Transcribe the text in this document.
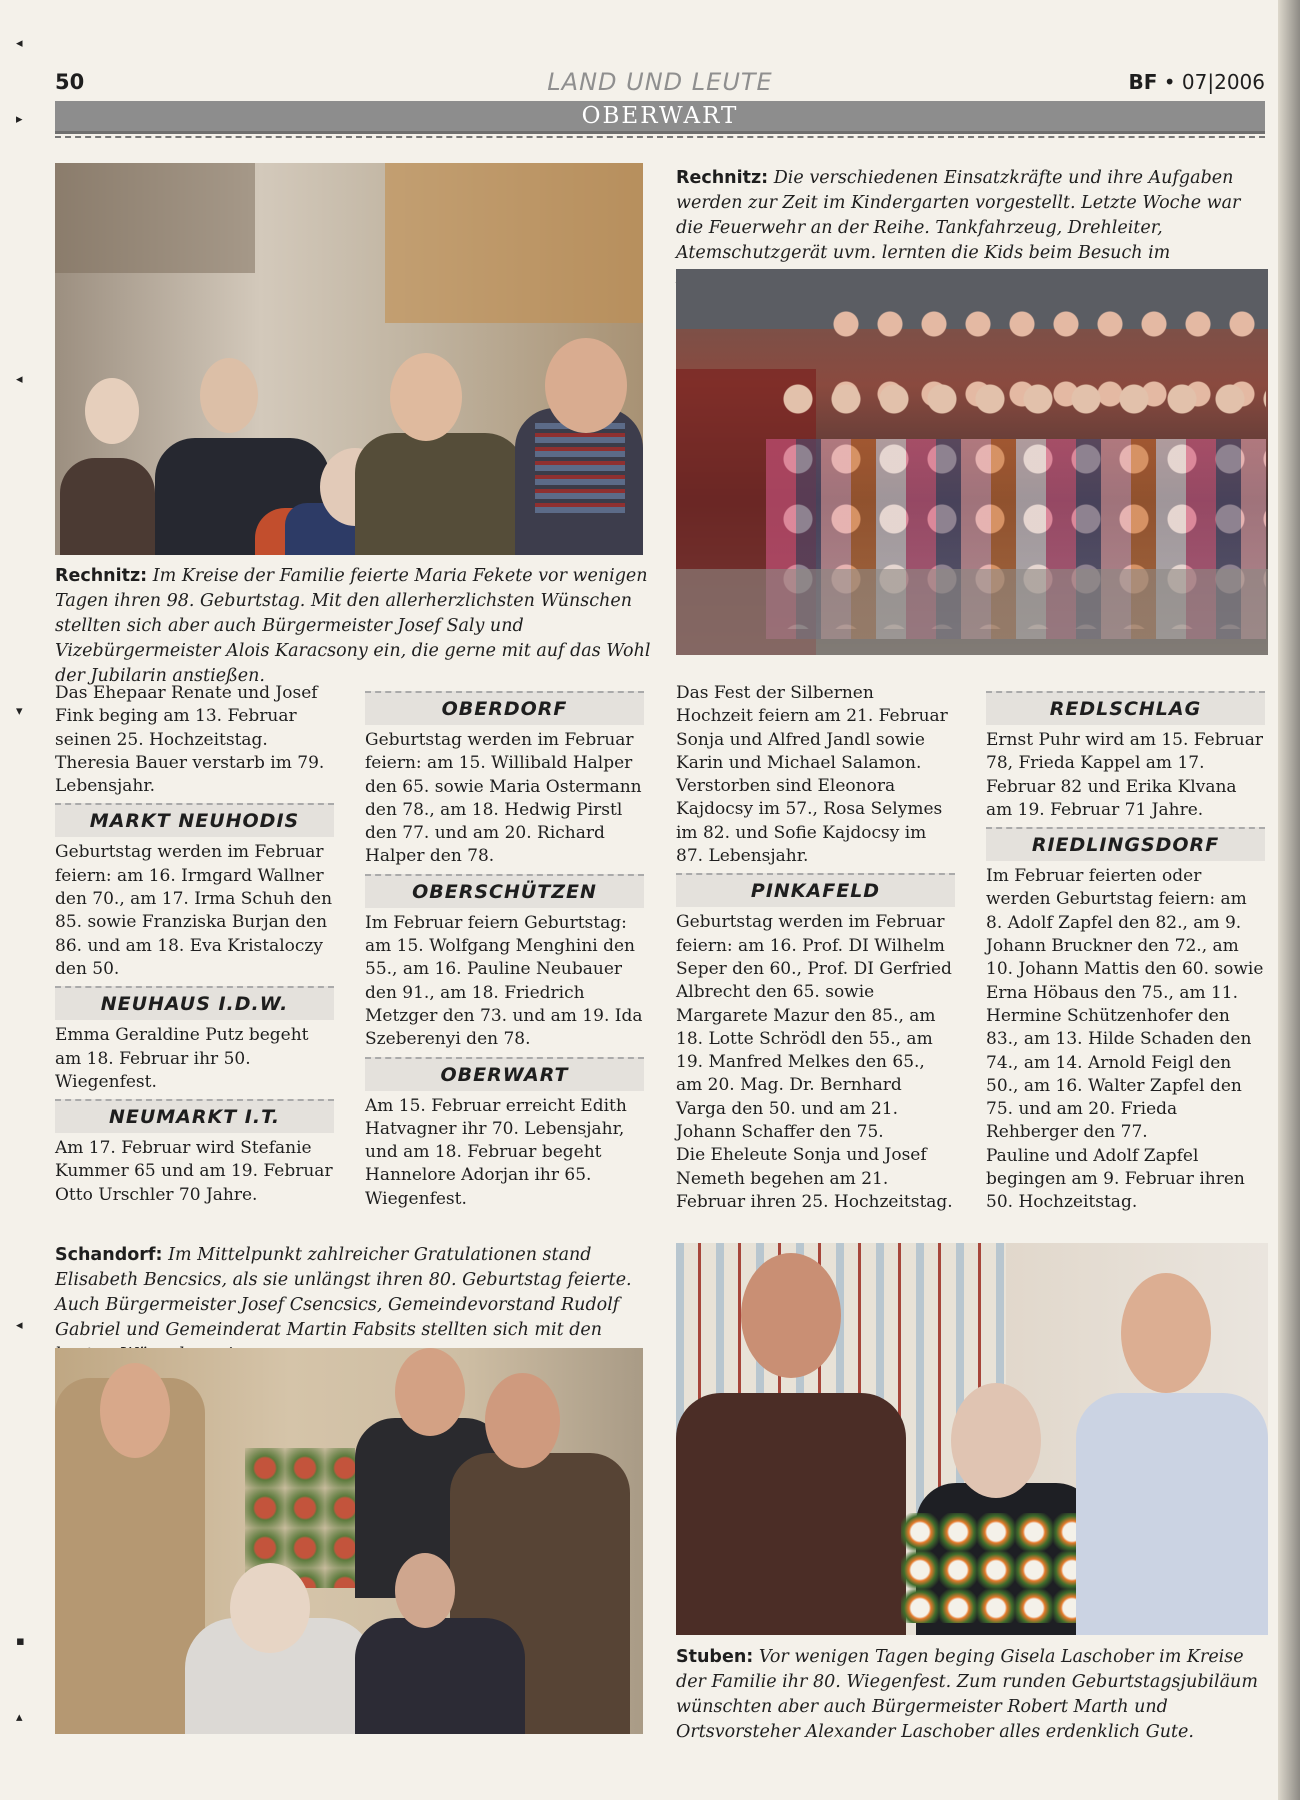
◂
▸
◂
▾
◂
▪
▴
50	LAND UND LEUTE	BF • 07|2006
OBERWART
Rechnitz: Im Kreise der Familie feierte Maria Fekete vor wenigen Tagen ihren 98. Geburtstag. Mit den allerherzlichsten Wünschen stellten sich aber auch Bürgermeister Josef Saly und Vizebürgermeister Alois Karacsony ein, die gerne mit auf das Wohl der Jubilarin anstießen.
Rechnitz: Die verschiedenen Einsatzkräfte und ihre Aufgaben werden zur Zeit im Kindergarten vorgestellt. Letzte Woche war die Feuerwehr an der Reihe. Tankfahrzeug, Drehleiter, Atemschutzgerät uvm. lernten die Kids beim Besuch im

Das Ehepaar Renate und Josef Fink beging am 13. Februar seinen 25. Hochzeitstag. Theresia Bauer verstarb im 79. Lebensjahr.

MARKT NEUHODIS

Geburtstag werden im Februar feiern: am 16. Irmgard Wallner den 70., am 17. Irma Schuh den 85. sowie Franziska Burjan den 86. und am 18. Eva Kristaloczy den 50.

NEUHAUS I.D.W.

Emma Geraldine Putz begeht am 18. Februar ihr 50. Wiegenfest.

NEUMARKT I.T.

Am 17. Februar wird Stefanie Kummer 65 und am 19. Februar Otto Urschler 70 Jahre.

OBERDORF

Geburtstag werden im Februar feiern: am 15. Willibald Halper den 65. sowie Maria Ostermann den 78., am 18. Hedwig Pirstl den 77. und am 20. Richard Halper den 78.

OBERSCHÜTZEN

Im Februar feiern Geburtstag: am 15. Wolfgang Menghini den 55., am 16. Pauline Neubauer den 91., am 18. Friedrich Metzger den 73. und am 19. Ida Szeberenyi den 78.

OBERWART

Am 15. Februar erreicht Edith Hatvagner ihr 70. Lebensjahr, und am 18. Februar begeht Hannelore Adorjan ihr 65. Wiegenfest.

Das Fest der Silbernen Hochzeit feiern am 21. Februar Sonja und Alfred Jandl sowie Karin und Michael Salamon. Verstorben sind Eleonora Kajdocsy im 57., Rosa Selymes im 82. und Sofie Kajdocsy im 87. Lebensjahr.

PINKAFELD

Geburtstag werden im Februar feiern: am 16. Prof. DI Wilhelm Seper den 60., Prof. DI Gerfried Albrecht den 65. sowie Margarete Mazur den 85., am 18. Lotte Schrödl den 55., am 19. Manfred Melkes den 65., am 20. Mag. Dr. Bernhard Varga den 50. und am 21. Johann Schaffer den 75.

Die Eheleute Sonja und Josef Nemeth begehen am 21. Februar ihren 25. Hochzeitstag.

REDLSCHLAG

Ernst Puhr wird am 15. Februar 78, Frieda Kappel am 17. Februar 82 und Erika Klvana am 19. Februar 71 Jahre.

RIEDLINGSDORF

Im Februar feierten oder werden Geburtstag feiern: am 8. Adolf Zapfel den 82., am 9. Johann Bruckner den 72., am 10. Johann Mattis den 60. sowie Erna Höbaus den 75., am 11. Hermine Schützenhofer den 83., am 13. Hilde Schaden den 74., am 14. Arnold Feigl den 50., am 16. Walter Zapfel den 75. und am 20. Frieda Rehberger den 77.

Pauline und Adolf Zapfel begingen am 9. Februar ihren 50. Hochzeitstag.

Schandorf: Im Mittelpunkt zahlreicher Gratulationen stand Elisabeth Bencsics, als sie unlängst ihren 80. Geburtstag feierte. Auch Bürgermeister Josef Csencsics, Gemeindevorstand Rudolf Gabriel und Gemeinderat Martin Fabsits stellten sich mit den
Stuben: Vor wenigen Tagen beging Gisela Laschober im Kreise der Familie ihr 80. Wiegenfest. Zum runden Geburtstagsjubiläum wünschten aber auch Bürgermeister Robert Marth und Ortsvorsteher Alexander Laschober alles erdenklich Gute.
